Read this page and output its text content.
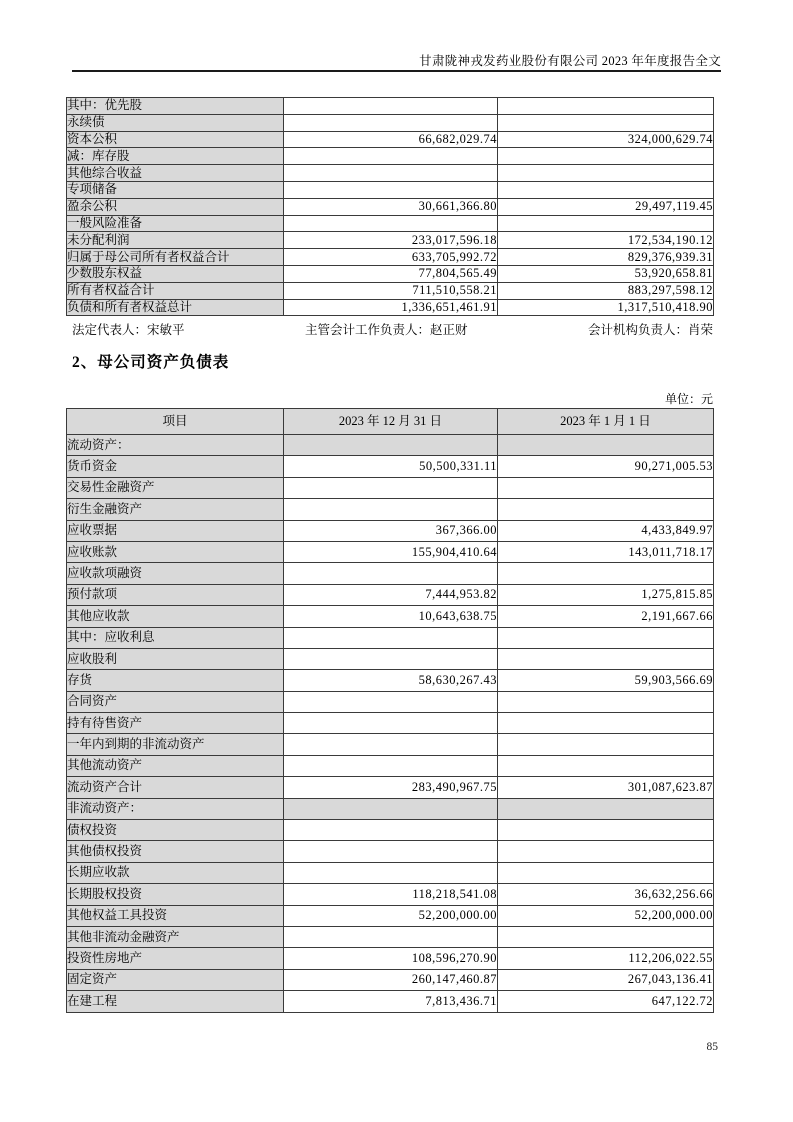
甘肃陇神戎发药业股份有限公司 2023 年年度报告全文
其中：优先股		
永续债		
资本公积	66,682,029.74	324,000,629.74
减：库存股		
其他综合收益		
专项储备		
盈余公积	30,661,366.80	29,497,119.45
一般风险准备		
未分配利润	233,017,596.18	172,534,190.12
归属于母公司所有者权益合计	633,705,992.72	829,376,939.31
少数股东权益	77,804,565.49	53,920,658.81
所有者权益合计	711,510,558.21	883,297,598.12
负债和所有者权益总计	1,336,651,461.91	1,317,510,418.90
法定代表人：宋敏平	主管会计工作负责人：赵正财	会计机构负责人：肖荣
2、母公司资产负债表
单位：元
项目	2023 年 12 月 31 日	2023 年 1 月 1 日
流动资产：		
货币资金	50,500,331.11	90,271,005.53
交易性金融资产		
衍生金融资产		
应收票据	367,366.00	4,433,849.97
应收账款	155,904,410.64	143,011,718.17
应收款项融资		
预付款项	7,444,953.82	1,275,815.85
其他应收款	10,643,638.75	2,191,667.66
其中：应收利息		
应收股利		
存货	58,630,267.43	59,903,566.69
合同资产		
持有待售资产		
一年内到期的非流动资产		
其他流动资产		
流动资产合计	283,490,967.75	301,087,623.87
非流动资产：		
债权投资		
其他债权投资		
长期应收款		
长期股权投资	118,218,541.08	36,632,256.66
其他权益工具投资	52,200,000.00	52,200,000.00
其他非流动金融资产		
投资性房地产	108,596,270.90	112,206,022.55
固定资产	260,147,460.87	267,043,136.41
在建工程	7,813,436.71	647,122.72
85
